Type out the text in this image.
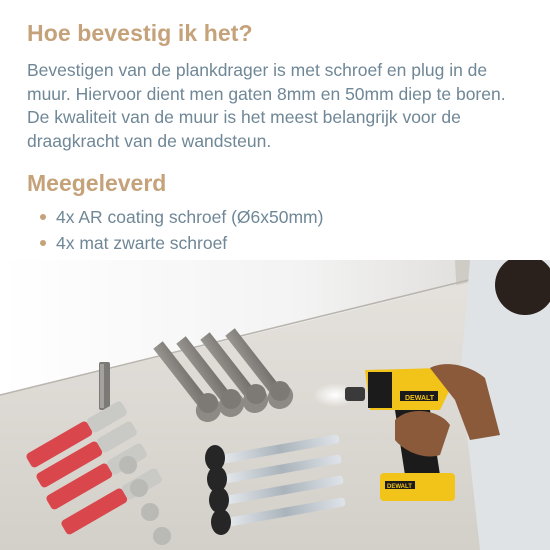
Hoe bevestig ik het?

Bevestigen van de plankdrager is met schroef en plug in de muur. Hiervoor dient men gaten 8mm en 50mm diep te boren. De kwaliteit van de muur is het meest belangrijk voor de draagkracht van de wandsteun.

Meegeleverd
4x AR coating schroef (Ø6x50mm)
4x mat zwarte schroef
DEWALT
DEWALT
